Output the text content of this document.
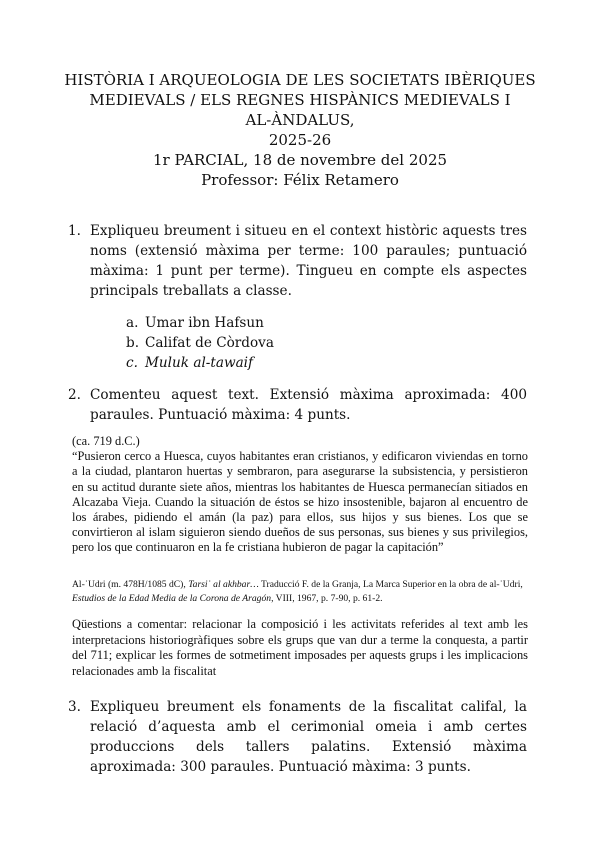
HISTÒRIA I ARQUEOLOGIA DE LES SOCIETATS IBÈRIQUES
MEDIEVALS / ELS REGNES HISPÀNICS MEDIEVALS I
AL-ÀNDALUS,
2025-26
1r PARCIAL, 18 de novembre del 2025
Professor: Félix Retamero
1. Expliqueu breument i situeu en el context històric aquests tres noms (extensió màxima per terme: 100 paraules; puntuació màxima: 1 punt per terme). Tingueu en compte els aspectes principals treballats a classe.
a. Umar ibn Hafsun
b. Califat de Còrdova
c. Muluk al-tawaif
2. Comenteu aquest text. Extensió màxima aproximada: 400 paraules. Puntuació màxima: 4 punts.
(ca. 719 d.C.)
“Pusieron cerco a Huesca, cuyos habitantes eran cristianos, y edificaron viviendas en torno a la ciudad, plantaron huertas y sembraron, para asegurarse la subsistencia, y persistieron en su actitud durante siete años, mientras los habitantes de Huesca permanecían sitiados en Alcazaba Vieja. Cuando la situación de éstos se hizo insostenible, bajaron al encuentro de los árabes, pidiendo el amán (la paz) para ellos, sus hijos y sus bienes. Los que se convirtieron al islam siguieron siendo dueños de sus personas, sus bienes y sus privilegios, pero los que continuaron en la fe cristiana hubieron de pagar la capitación”
Al-ʿUdri (m. 478H/1085 dC), Tarsiʿ al akhbar… Traducció F. de la Granja, La Marca Superior en la obra de al-ʿUdri,
Estudios de la Edad Media de la Corona de Aragón, VIII, 1967, p. 7-90, p. 61-2.
Qüestions a comentar: relacionar la composició i les activitats referides al text amb les interpretacions historiogràfiques sobre els grups que van dur a terme la conquesta, a partir del 711; explicar les formes de sotmetiment imposades per aquests grups i les implicacions relacionades amb la fiscalitat
3. Expliqueu breument els fonaments de la fiscalitat califal, la relació d’aquesta amb el cerimonial omeia i amb certes produccions dels tallers palatins. Extensió màxima aproximada: 300 paraules. Puntuació màxima: 3 punts.
